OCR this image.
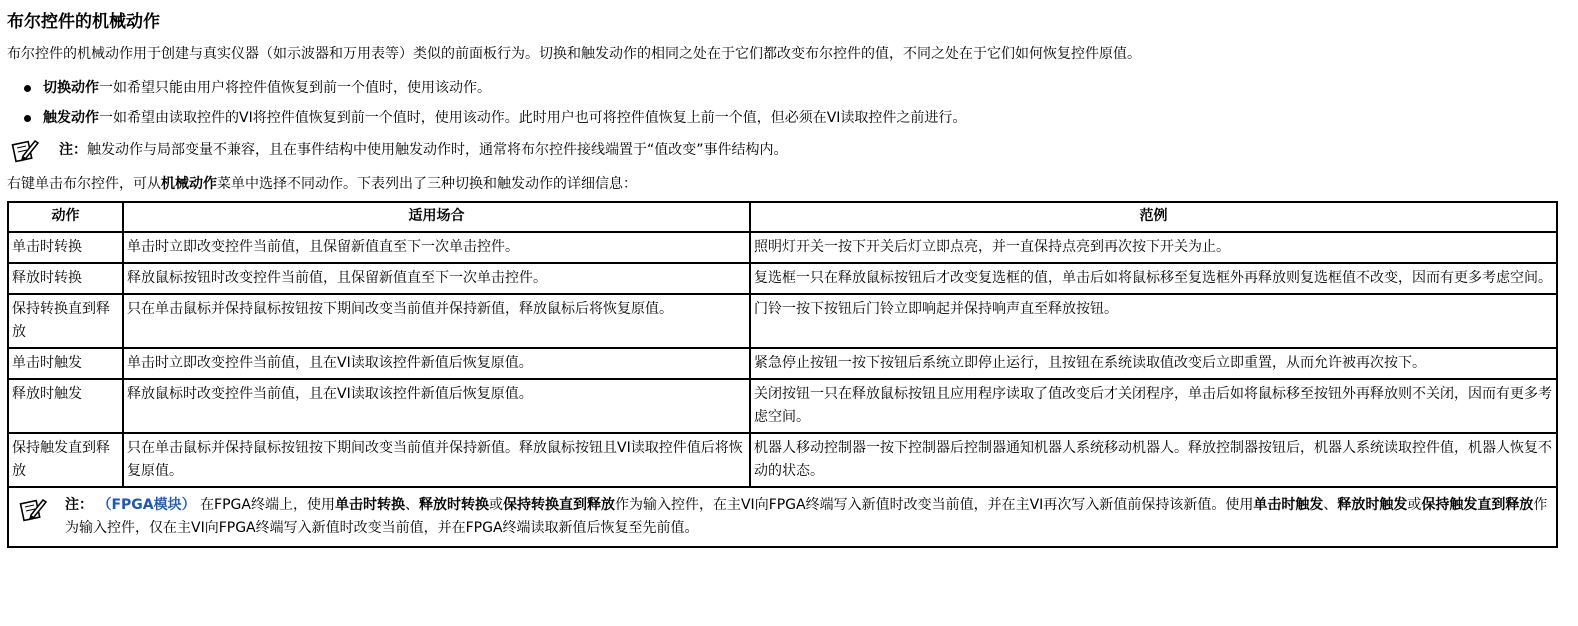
布尔控件的机械动作
布尔控件的机械动作用于创建与真实仪器（如示波器和万用表等）类似的前面板行为。切换和触发动作的相同之处在于它们都改变布尔控件的值，不同之处在于它们如何恢复控件原值。
切换动作一如希望只能由用户将控件值恢复到前一个值时，使用该动作。
触发动作一如希望由读取控件的VI将控件值恢复到前一个值时，使用该动作。此时用户也可将控件值恢复上前一个值，但必须在VI读取控件之前进行。
注：触发动作与局部变量不兼容，且在事件结构中使用触发动作时，通常将布尔控件接线端置于“值改变”事件结构内。
右键单击布尔控件，可从机械动作菜单中选择不同动作。下表列出了三种切换和触发动作的详细信息：
动作	适用场合	范例
单击时转换	单击时立即改变控件当前值，且保留新值直至下一次单击控件。	照明灯开关一按下开关后灯立即点亮，并一直保持点亮到再次按下开关为止。
释放时转换	释放鼠标按钮时改变控件当前值，且保留新值直至下一次单击控件。	复选框一只在释放鼠标按钮后才改变复选框的值，单击后如将鼠标移至复选框外再释放则复选框值不改变，因而有更多考虑空间。
保持转换直到释放	只在单击鼠标并保持鼠标按钮按下期间改变当前值并保持新值，释放鼠标后将恢复原值。	门铃一按下按钮后门铃立即响起并保持响声直至释放按钮。
单击时触发	单击时立即改变控件当前值，且在VI读取该控件新值后恢复原值。	紧急停止按钮一按下按钮后系统立即停止运行，且按钮在系统读取值改变后立即重置，从而允许被再次按下。
释放时触发	释放鼠标时改变控件当前值，且在VI读取该控件新值后恢复原值。	关闭按钮一只在释放鼠标按钮且应用程序读取了值改变后才关闭程序，单击后如将鼠标移至按钮外再释放则不关闭，因而有更多考虑空间。
保持触发直到释放	只在单击鼠标并保持鼠标按钮按下期间改变当前值并保持新值。释放鼠标按钮且VI读取控件值后将恢复原值。	机器人移动控制器一按下控制器后控制器通知机器人系统移动机器人。释放控制器按钮后，机器人系统读取控件值，机器人恢复不动的状态。

注： （FPGA模块） 在FPGA终端上，使用单击时转换、释放时转换或保持转换直到释放作为输入控件，在主VI向FPGA终端写入新值时改变当前值，并在主VI再次写入新值前保持该新值。使用单击时触发、释放时触发或保持触发直到释放作为输入控件，仅在主VI向FPGA终端写入新值时改变当前值，并在FPGA终端读取新值后恢复至先前值。		
